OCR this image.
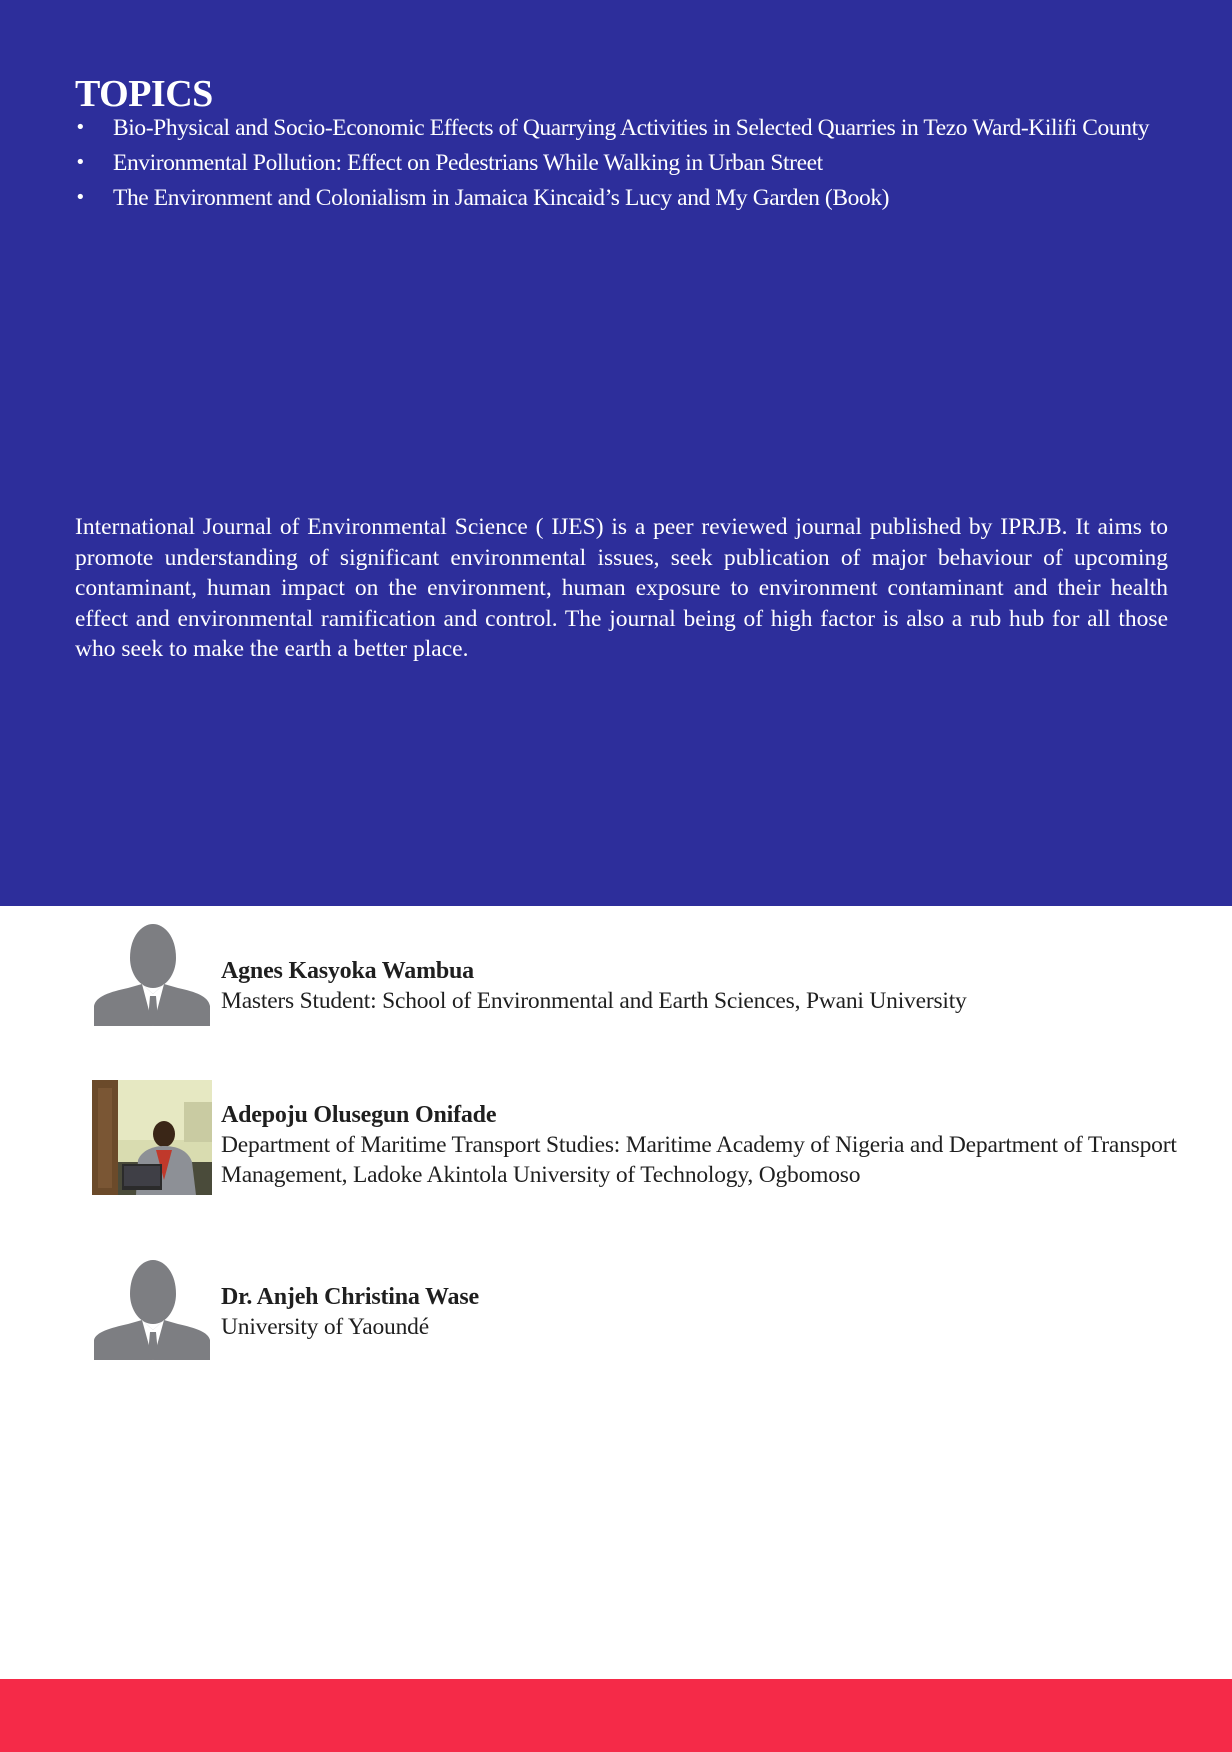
TOPICS
• Bio-Physical and Socio-Economic Effects of Quarrying Activities in Selected Quarries in Tezo Ward-Kilifi County
• Environmental Pollution: Effect on Pedestrians While Walking in Urban Street
• The Environment and Colonialism in Jamaica Kincaid’s Lucy and My Garden (Book)

International Journal of Environmental Science ( IJES) is a peer reviewed journal published by IPRJB. It aims to promote understanding of significant environmental issues, seek publication of major behaviour of upcoming contaminant, human impact on the environment, human exposure to environment contaminant and their health effect and environmental ramification and control. The journal being of high factor is also a rub hub for all those who seek to make the earth a better place.

Agnes Kasyoka Wambua

Masters Student: School of Environmental and Earth Sciences, Pwani University

Adepoju Olusegun Onifade

Department of Maritime Transport Studies: Maritime Academy of Nigeria and Department of Transport Management, Ladoke Akintola University of Technology, Ogbomoso

Dr. Anjeh Christina Wase

University of Yaoundé
